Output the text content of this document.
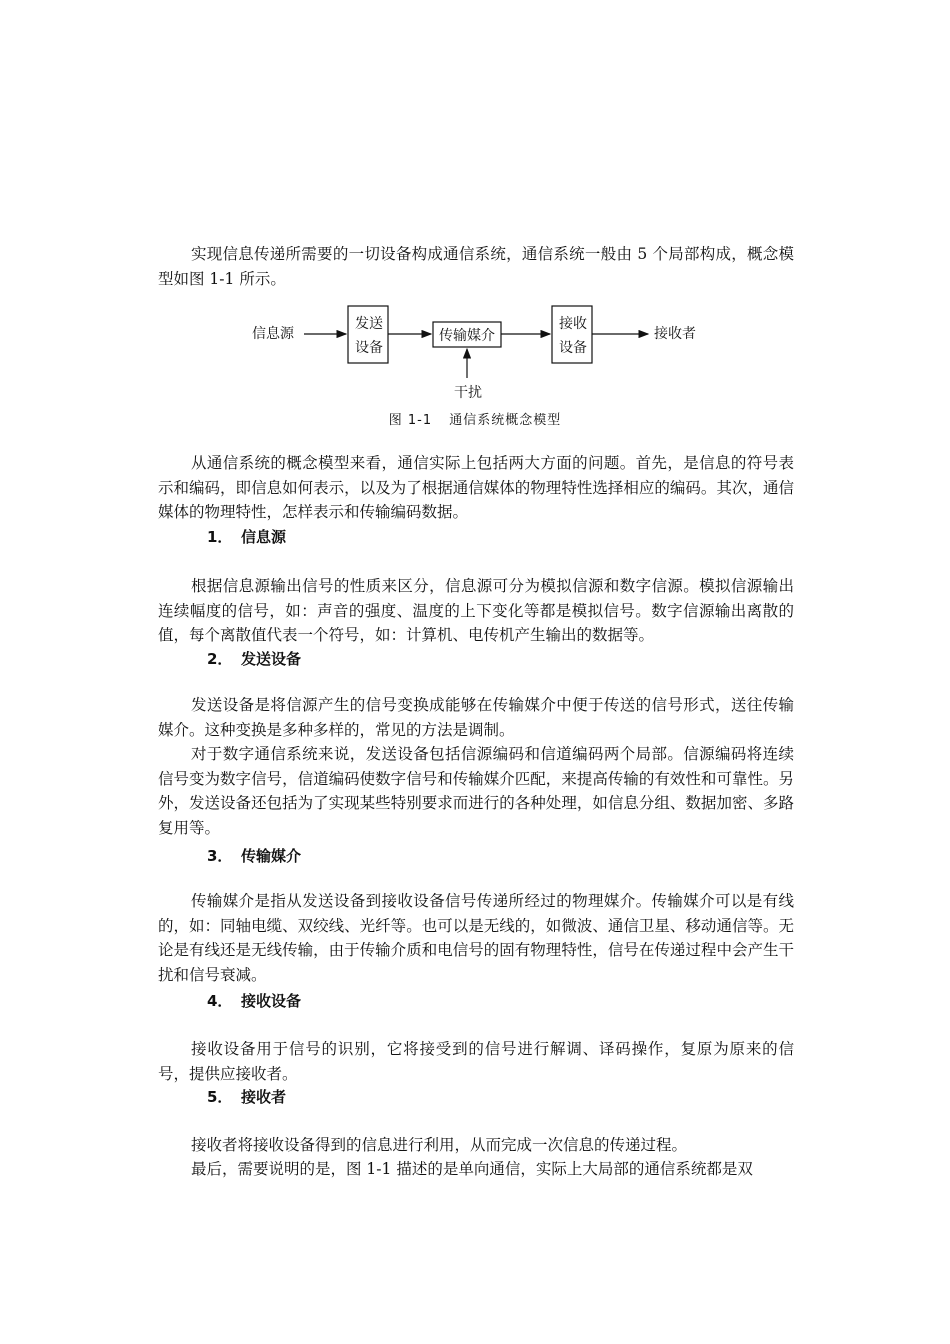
实现信息传递所需要的一切设备构成通信系统，通信系统一般由 5 个局部构成，概念模型如图 1-1 所示。

信息源
发送
设备
传输媒介
接收
设备
接收者
干扰
图 1-1 通信系统概念模型

从通信系统的概念模型来看，通信实际上包括两大方面的问题。首先，是信息的符号表示和编码，即信息如何表示，以及为了根据通信媒体的物理特性选择相应的编码。其次，通信媒体的物理特性，怎样表示和传输编码数据。

1． 信息源

根据信息源输出信号的性质来区分，信息源可分为模拟信源和数字信源。模拟信源输出连续幅度的信号，如：声音的强度、温度的上下变化等都是模拟信号。数字信源输出离散的值，每个离散值代表一个符号，如：计算机、电传机产生输出的数据等。

2． 发送设备

发送设备是将信源产生的信号变换成能够在传输媒介中便于传送的信号形式，送往传输媒介。这种变换是多种多样的，常见的方法是调制。

对于数字通信系统来说，发送设备包括信源编码和信道编码两个局部。信源编码将连续信号变为数字信号，信道编码使数字信号和传输媒介匹配，来提高传输的有效性和可靠性。另外，发送设备还包括为了实现某些特别要求而进行的各种处理，如信息分组、数据加密、多路复用等。

3． 传输媒介

传输媒介是指从发送设备到接收设备信号传递所经过的物理媒介。传输媒介可以是有线的，如：同轴电缆、双绞线、光纤等。也可以是无线的，如微波、通信卫星、移动通信等。无论是有线还是无线传输，由于传输介质和电信号的固有物理特性，信号在传递过程中会产生干扰和信号衰减。

4． 接收设备

接收设备用于信号的识别，它将接受到的信号进行解调、译码操作，复原为原来的信号，提供应接收者。

5． 接收者

接收者将接收设备得到的信息进行利用，从而完成一次信息的传递过程。

最后，需要说明的是，图 1-1 描述的是单向通信，实际上大局部的通信系统都是双
